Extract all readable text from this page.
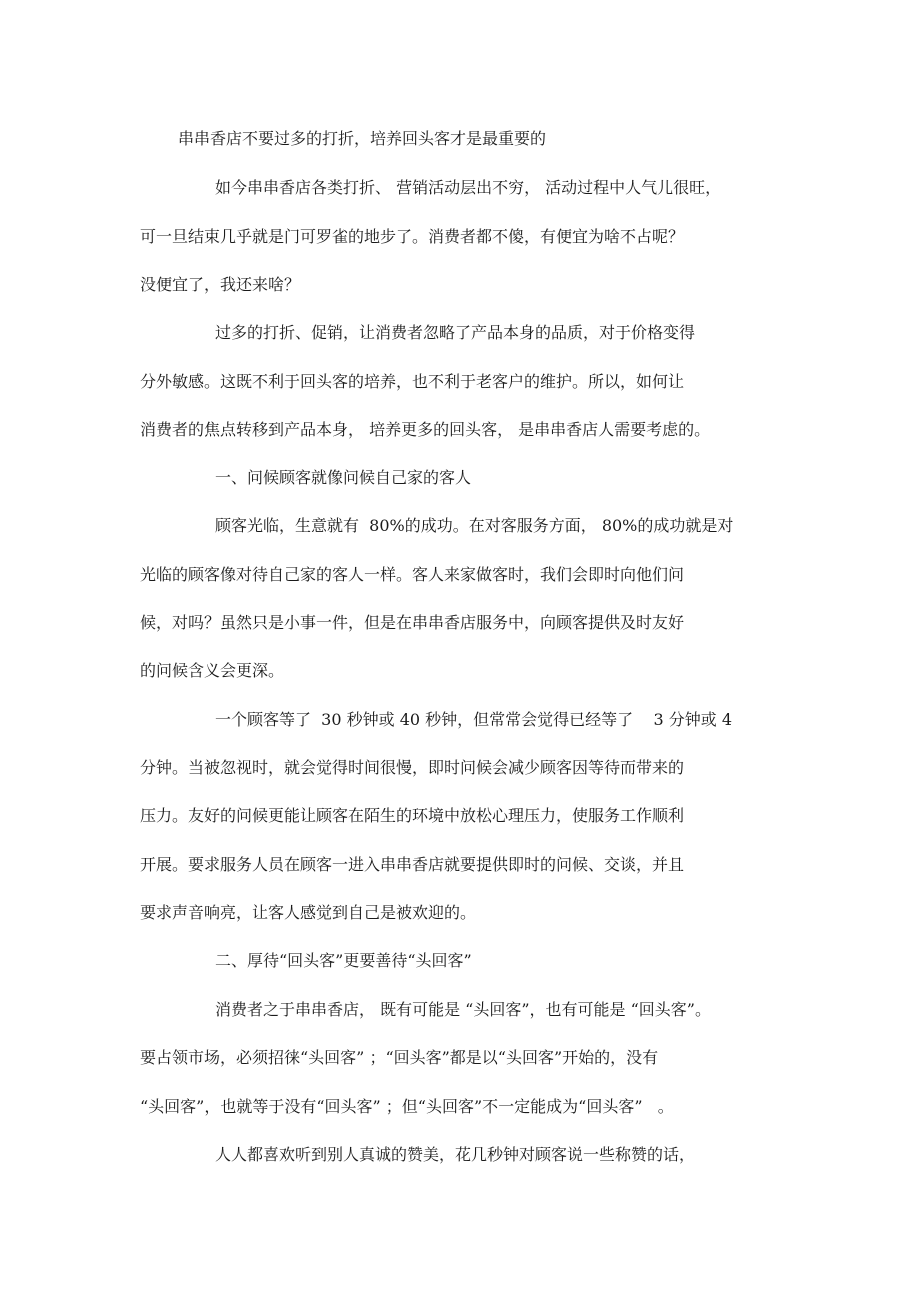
串串香店不要过多的打折，培养回头客才是最重要的

如今串串香店各类打折、 营销活动层出不穷， 活动过程中人气儿很旺，

可一旦结束几乎就是门可罗雀的地步了。消费者都不傻，有便宜为啥不占呢？

没便宜了，我还来啥？

过多的打折、促销，让消费者忽略了产品本身的品质，对于价格变得

分外敏感。这既不利于回头客的培养，也不利于老客户的维护。所以，如何让

消费者的焦点转移到产品本身， 培养更多的回头客， 是串串香店人需要考虑的。

一、问候顾客就像问候自己家的客人

顾客光临，生意就有  80%的成功。在对客服务方面， 80%的成功就是对

光临的顾客像对待自己家的客人一样。客人来家做客时，我们会即时向他们问

候，对吗？虽然只是小事一件，但是在串串香店服务中，向顾客提供及时友好

的问候含义会更深。

一个顾客等了  30 秒钟或 40 秒钟，但常常会觉得已经等了    3 分钟或 4

分钟。当被忽视时，就会觉得时间很慢，即时问候会减少顾客因等待而带来的

压力。友好的问候更能让顾客在陌生的环境中放松心理压力，使服务工作顺利

开展。要求服务人员在顾客一进入串串香店就要提供即时的问候、交谈，并且

要求声音响亮，让客人感觉到自己是被欢迎的。

二、厚待“回头客”更要善待“头回客”

消费者之于串串香店， 既有可能是 “头回客”，也有可能是 “回头客”。

要占领市场，必须招徕“头回客” ；“回头客”都是以“头回客”开始的，没有

“头回客”，也就等于没有“回头客” ；但“头回客”不一定能成为“回头客”   。

人人都喜欢听到别人真诚的赞美，花几秒钟对顾客说一些称赞的话，
